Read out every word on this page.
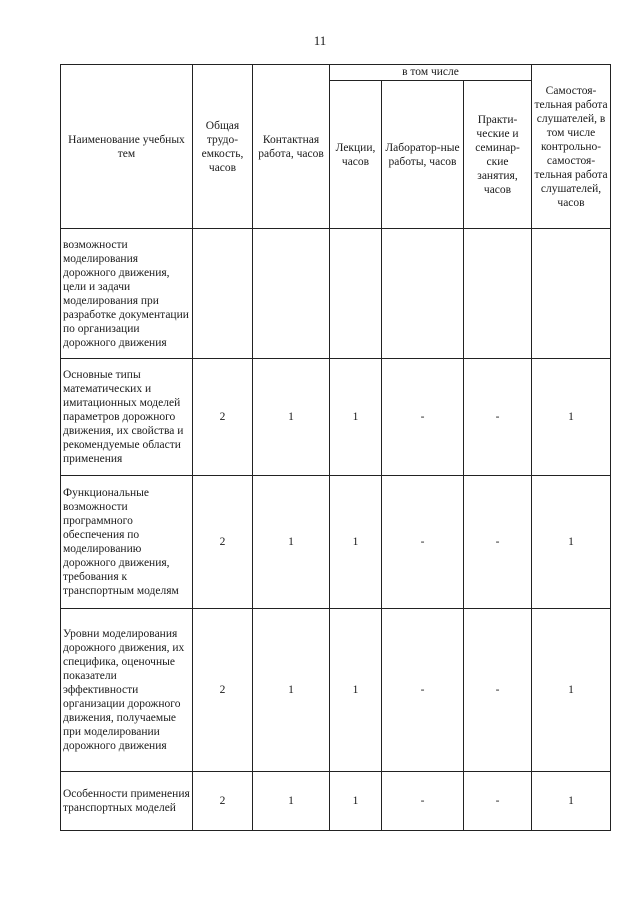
11
Наименование учебных тем	Общая трудо-емкость, часов	Контактная работа, часов	в том числе			Самостоя-тельная работа слушателей, в том числе контрольно-самостоя-тельная работа слушателей, часов
			Лекции, часов	Лаборатор-ные работы, часов	Практи-ческие и семинар-ские занятия, часов	
возможности моделирования дорожного движения, цели и задачи моделирования при разработке документации по организации дорожного движения						
Основные типы математических и имитационных моделей параметров дорожного движения, их свойства и рекомендуемые области применения	2	1	1	-	-	1
Функциональные возможности программного обеспечения по моделированию дорожного движения, требования к транспортным моделям	2	1	1	-	-	1
Уровни моделирования дорожного движения, их специфика, оценочные показатели эффективности организации дорожного движения, получаемые при моделировании дорожного движения	2	1	1	-	-	1
Особенности применения транспортных моделей	2	1	1	-	-	1
